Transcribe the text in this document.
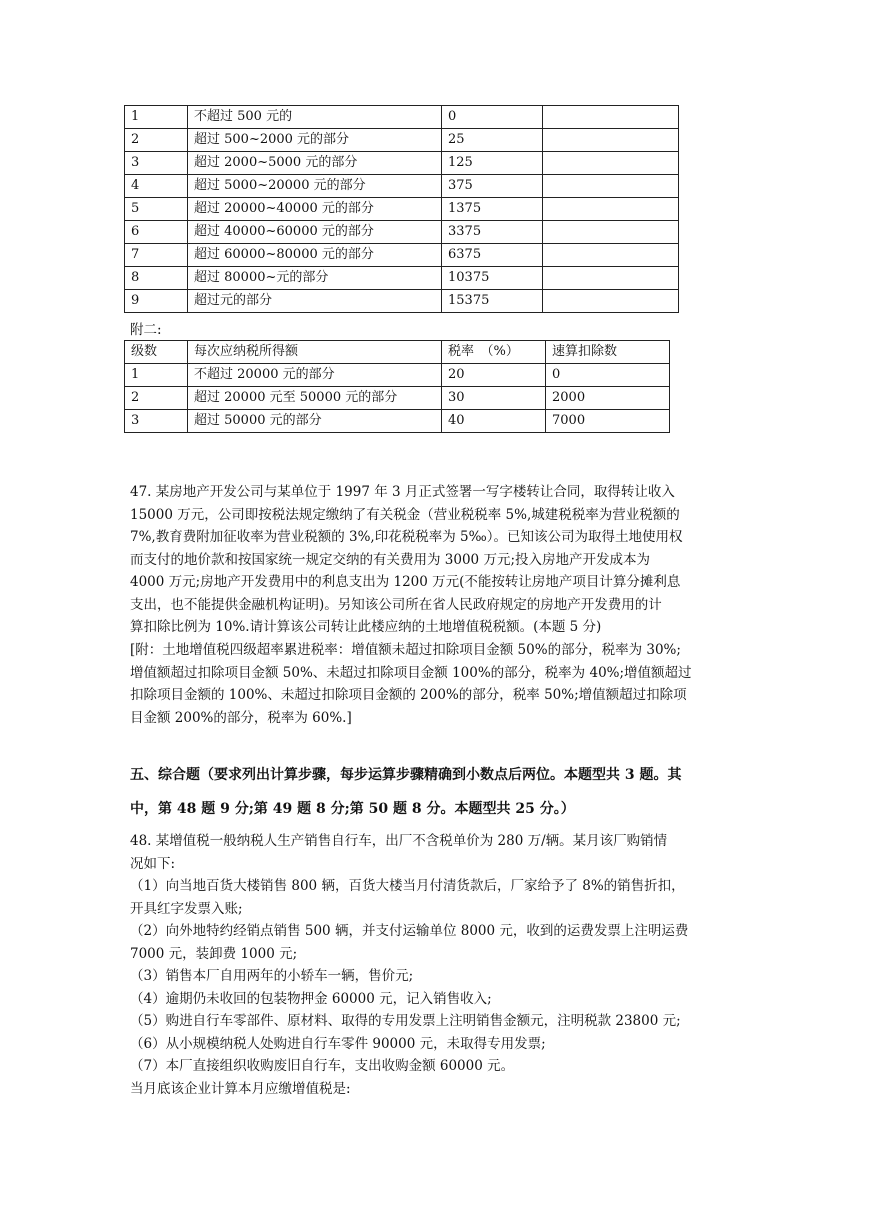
1	不超过 500 元的	0	
2	超过 500~2000 元的部分	25	
3	超过 2000~5000 元的部分	125	
4	超过 5000~20000 元的部分	375	
5	超过 20000~40000 元的部分	1375	
6	超过 40000~60000 元的部分	3375	
7	超过 60000~80000 元的部分	6375	
8	超过 80000~元的部分	10375	
9	超过元的部分	15375	
附二:
级数	每次应纳税所得额	税率　（%）	速算扣除数
1	不超过 20000 元的部分	20	0
2	超过 20000 元至 50000 元的部分	30	2000
3	超过 50000 元的部分	40	7000

47. 某房地产开发公司与某单位于 1997 年 3 月正式签署一写字楼转让合同，取得转让收入

15000 万元，公司即按税法规定缴纳了有关税金（营业税税率 5%,城建税税率为营业税额的

7%,教育费附加征收率为营业税额的 3%,印花税税率为 5‰）。已知该公司为取得土地使用权

而支付的地价款和按国家统一规定交纳的有关费用为 3000 万元;投入房地产开发成本为

4000 万元;房地产开发费用中的利息支出为 1200 万元(不能按转让房地产项目计算分摊利息

支出，也不能提供金融机构证明)。另知该公司所在省人民政府规定的房地产开发费用的计

算扣除比例为 10%.请计算该公司转让此楼应纳的土地增值税税额。(本题 5 分)

[附：土地增值税四级超率累进税率：增值额未超过扣除项目金额 50%的部分，税率为 30%;

增值额超过扣除项目金额 50%、未超过扣除项目金额 100%的部分，税率为 40%;增值额超过

扣除项目金额的 100%、未超过扣除项目金额的 200%的部分，税率 50%;增值额超过扣除项

目金额 200%的部分，税率为 60%.]

五、综合题（要求列出计算步骤，每步运算步骤精确到小数点后两位。本题型共 3 题。其

中，第 48 题 9 分;第 49 题 8 分;第 50 题 8 分。本题型共 25 分。）

48. 某增值税一般纳税人生产销售自行车，出厂不含税单价为 280 万/辆。某月该厂购销情

况如下:

（1）向当地百货大楼销售 800 辆，百货大楼当月付清货款后，厂家给予了 8%的销售折扣，

开具红字发票入账;

（2）向外地特约经销点销售 500 辆，并支付运输单位 8000 元，收到的运费发票上注明运费

7000 元，装卸费 1000 元;

（3）销售本厂自用两年的小轿车一辆，售价元;

（4）逾期仍未收回的包装物押金 60000 元，记入销售收入;

（5）购进自行车零部件、原材料、取得的专用发票上注明销售金额元，注明税款 23800 元;

（6）从小规模纳税人处购进自行车零件 90000 元，未取得专用发票;

（7）本厂直接组织收购废旧自行车，支出收购金额 60000 元。

当月底该企业计算本月应缴增值税是:
